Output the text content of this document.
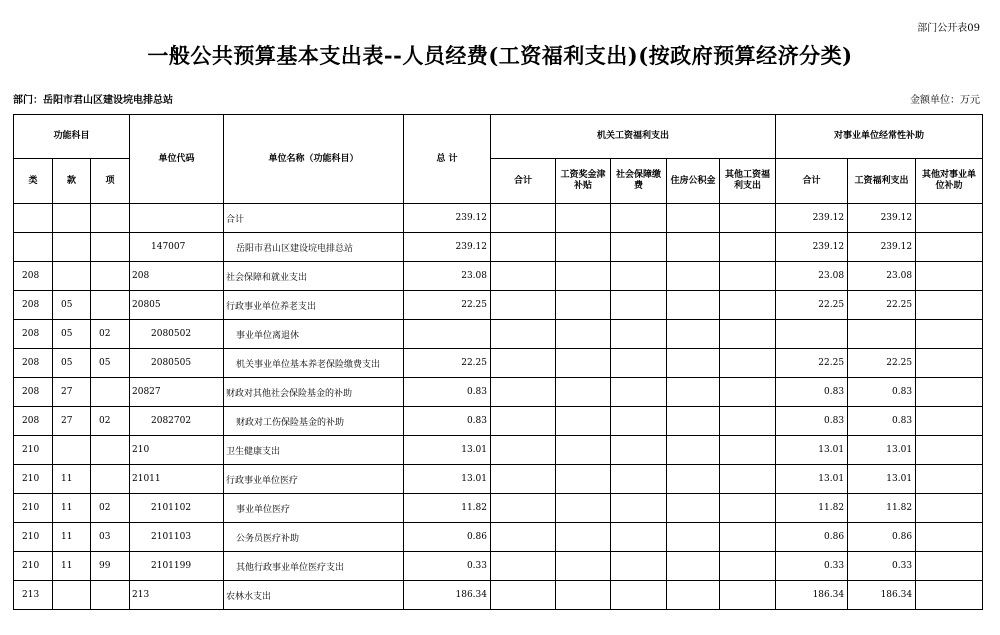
部门公开表09
一般公共预算基本支出表--人员经费(工资福利支出)(按政府预算经济分类)
部门：岳阳市君山区建设垸电排总站	金额单位：万元
功能科目			单位代码	单位名称（功能科目）	总 计	机关工资福利支出					对事业单位经常性补助		
类	款	项				合计	工资奖金津补贴	社会保障缴费	住房公积金	其他工资福利支出	合计	工资福利支出	其他对事业单位补助
				合计	239.12						239.12	239.12	
			147007	岳阳市君山区建设垸电排总站	239.12						239.12	239.12	
208			208	社会保障和就业支出	23.08						23.08	23.08	
208	05		20805	行政事业单位养老支出	22.25						22.25	22.25	
208	05	02	2080502	事业单位离退休									
208	05	05	2080505	机关事业单位基本养老保险缴费支出	22.25						22.25	22.25	
208	27		20827	财政对其他社会保险基金的补助	0.83						0.83	0.83	
208	27	02	2082702	财政对工伤保险基金的补助	0.83						0.83	0.83	
210			210	卫生健康支出	13.01						13.01	13.01	
210	11		21011	行政事业单位医疗	13.01						13.01	13.01	
210	11	02	2101102	事业单位医疗	11.82						11.82	11.82	
210	11	03	2101103	公务员医疗补助	0.86						0.86	0.86	
210	11	99	2101199	其他行政事业单位医疗支出	0.33						0.33	0.33	
213			213	农林水支出	186.34						186.34	186.34	
